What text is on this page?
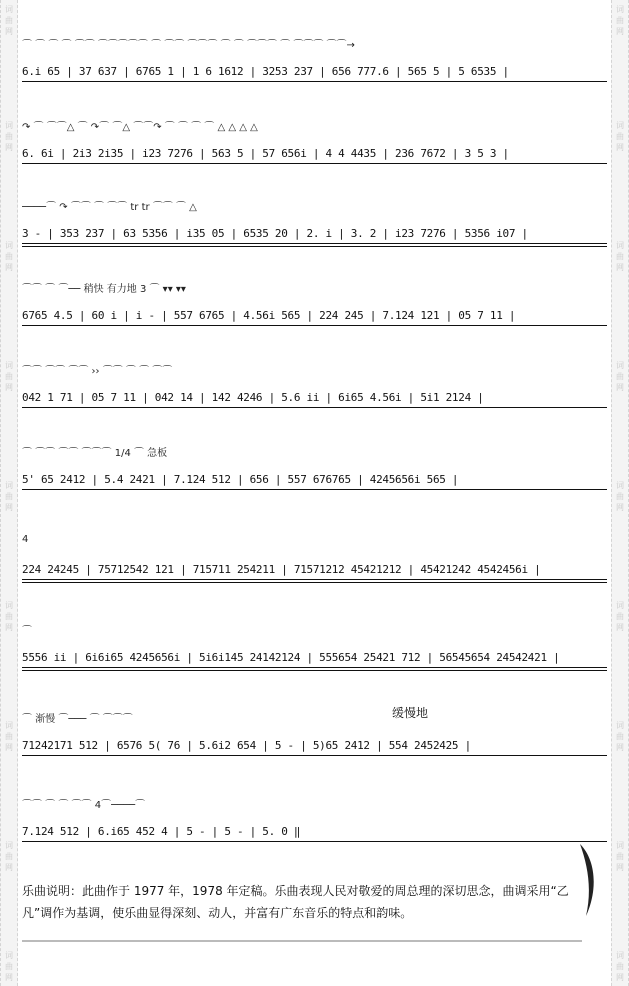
词曲网
词曲网
词曲网
词曲网
词曲网
词曲网
词曲网
词曲网
词曲网
词曲网
词曲网
词曲网
词曲网
词曲网
词曲网
词曲网
词曲网
词曲网
⌒ ⌒ ⌒ ⌒ ⌒⌒ ⌒⌒⌒⌒⌒ ⌒ ⌒⌒ ⌒⌒⌒ ⌒ ⌒ ⌒⌒⌒ ⌒ ⌒⌒⌒ ⌒⌒→
6.i 65 | 37 637 | 6765 1 | 1 6 1612 | 3253 237 | 656 777.6 | 565 5 | 5 6535 |
↷ ⌒ ⌒⌒△ ⌒ ↷⌒ ⌒△ ⌒⌒↷ ⌒ ⌒ ⌒ ⌒ △ △ △ △
6. 6i | 2i3 2i35 | i23 7276 | 563 5 | 57 656i | 4 4 4435 | 236 7672 | 3 5 3 |
────⌒ ↷ ⌒⌒ ⌒ ⌒⌒ tr tr ⌒⌒ ⌒ △
3 - | 353 237 | 63 5356 | i35 05 | 6535 20 | 2. i | 3. 2 | i23 7276 | 5356 i07 |
⌒⌒ ⌒ ⌒── 稍快 有力地 3 ⌒ ▾▾ ▾▾
6765 4.5 | 60 i | i - | 557 6765 | 4.56i 565 | 224 245 | 7.124 121 | 05 7 11 |
⌒⌒ ⌒⌒ ⌒⌒ ›› ⌒⌒ ⌒ ⌒ ⌒⌒
042 1 71 | 05 7 11 | 042 14 | 142 4246 | 5.6 ii | 6i65 4.56i | 5i1 2124 |
⌒ ⌒⌒ ⌒⌒ ⌒⌒⌒ 1/4 ⌒ 急板
5' 65 2412 | 5.4 2421 | 7.124 512 | 656 | 557 676765 | 4245656i 565 |
4
224 24245 | 75712542 121 | 715711 254211 | 71571212 45421212 | 45421242 4542456i |
⌒
5556 ii | 6i6i65 4245656i | 5i6i145 24142124 | 555654 25421 712 | 56545654 24542421 |
⌒ 渐慢 ⌒─── ⌒ ⌒⌒⌒
71242171 512 | 6576 5( 76 | 5.6i2 654 | 5 - | 5)65 2412 | 554 2452425 |
缓慢地
⌒⌒ ⌒ ⌒ ⌒⌒ 4⌒────⌒
7.124 512 | 6.i65 452 4 | 5 - | 5 - | 5. 0 ‖
乐曲说明：此曲作于 1977 年，1978 年定稿。乐曲表现人民对敬爱的周总理的深切思念，曲调采用“乙凡”调作为基调，使乐曲显得深刻、动人，并富有广东音乐的特点和韵味。
